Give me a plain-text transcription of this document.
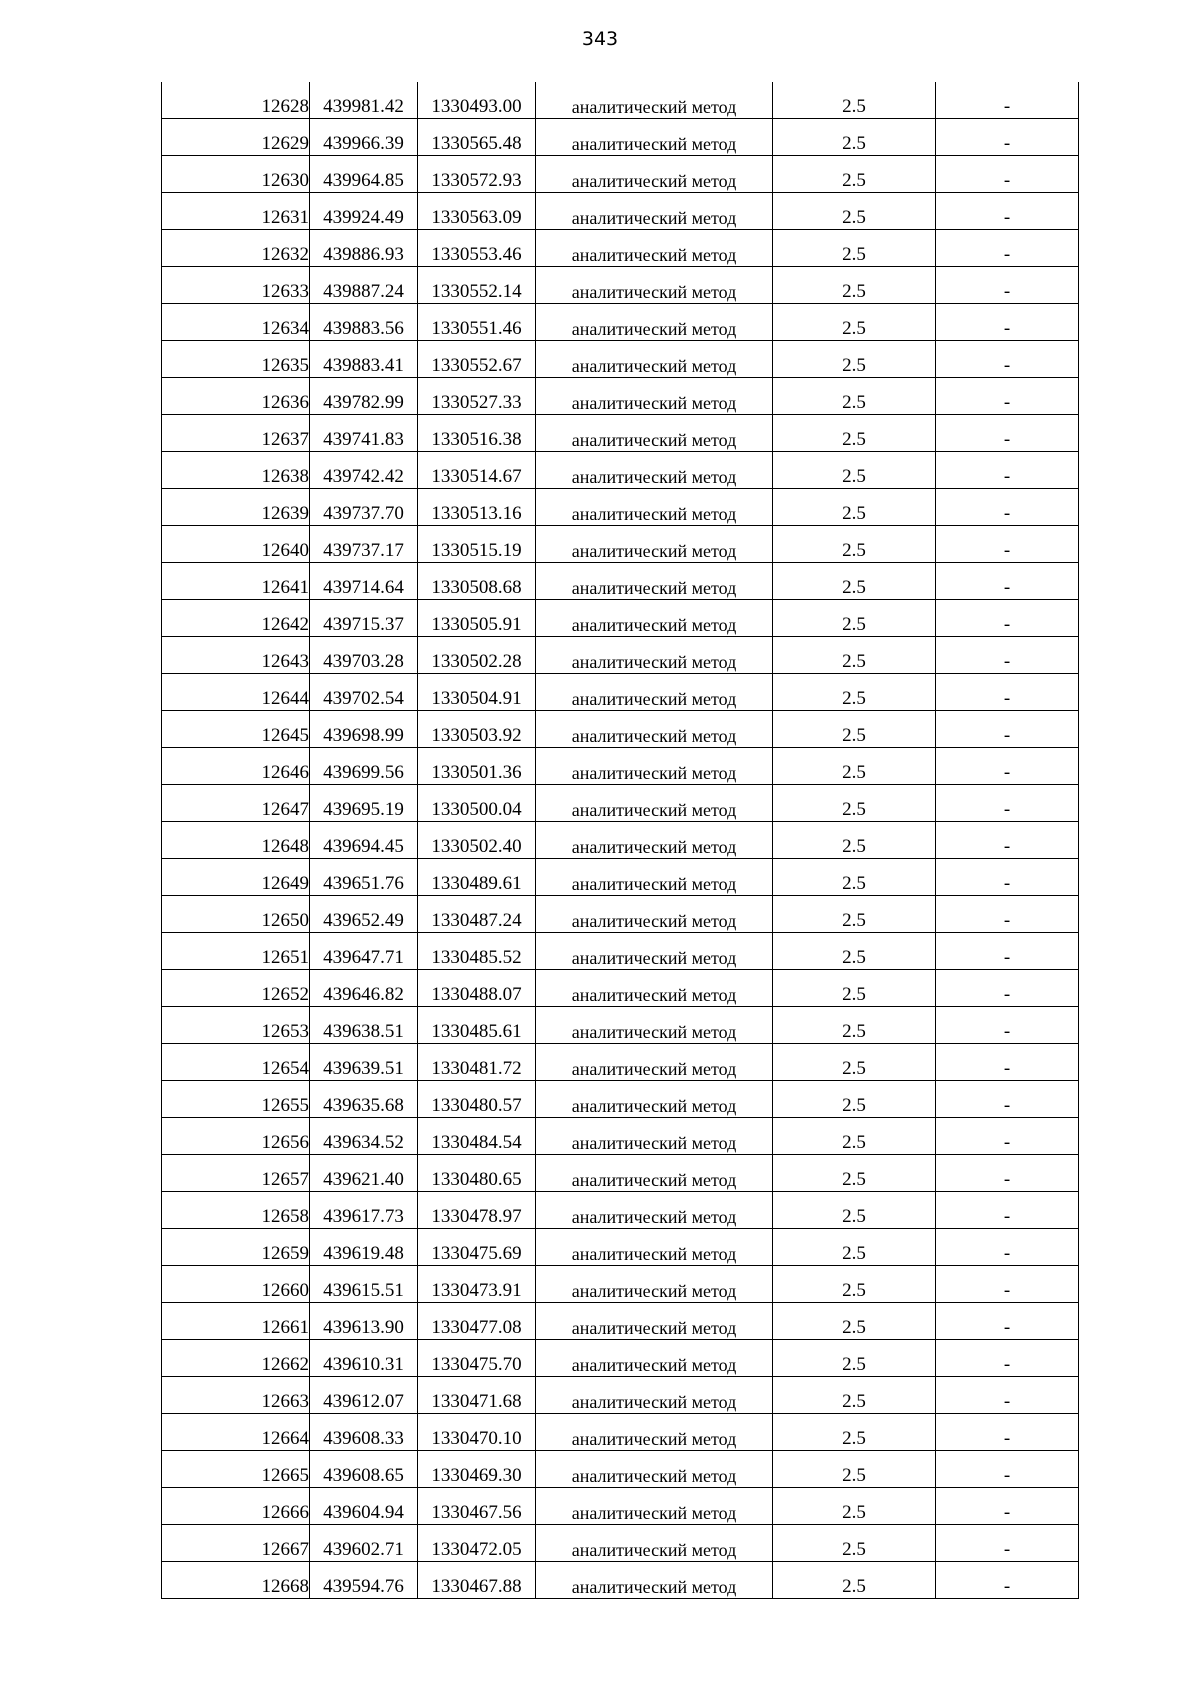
343
12628	439981.42	1330493.00	аналитический метод	2.5	-

12629	439966.39	1330565.48	аналитический метод	2.5	-

12630	439964.85	1330572.93	аналитический метод	2.5	-

12631	439924.49	1330563.09	аналитический метод	2.5	-

12632	439886.93	1330553.46	аналитический метод	2.5	-

12633	439887.24	1330552.14	аналитический метод	2.5	-

12634	439883.56	1330551.46	аналитический метод	2.5	-

12635	439883.41	1330552.67	аналитический метод	2.5	-

12636	439782.99	1330527.33	аналитический метод	2.5	-

12637	439741.83	1330516.38	аналитический метод	2.5	-

12638	439742.42	1330514.67	аналитический метод	2.5	-

12639	439737.70	1330513.16	аналитический метод	2.5	-

12640	439737.17	1330515.19	аналитический метод	2.5	-

12641	439714.64	1330508.68	аналитический метод	2.5	-

12642	439715.37	1330505.91	аналитический метод	2.5	-

12643	439703.28	1330502.28	аналитический метод	2.5	-

12644	439702.54	1330504.91	аналитический метод	2.5	-

12645	439698.99	1330503.92	аналитический метод	2.5	-

12646	439699.56	1330501.36	аналитический метод	2.5	-

12647	439695.19	1330500.04	аналитический метод	2.5	-

12648	439694.45	1330502.40	аналитический метод	2.5	-

12649	439651.76	1330489.61	аналитический метод	2.5	-

12650	439652.49	1330487.24	аналитический метод	2.5	-

12651	439647.71	1330485.52	аналитический метод	2.5	-

12652	439646.82	1330488.07	аналитический метод	2.5	-

12653	439638.51	1330485.61	аналитический метод	2.5	-

12654	439639.51	1330481.72	аналитический метод	2.5	-

12655	439635.68	1330480.57	аналитический метод	2.5	-

12656	439634.52	1330484.54	аналитический метод	2.5	-

12657	439621.40	1330480.65	аналитический метод	2.5	-

12658	439617.73	1330478.97	аналитический метод	2.5	-

12659	439619.48	1330475.69	аналитический метод	2.5	-

12660	439615.51	1330473.91	аналитический метод	2.5	-

12661	439613.90	1330477.08	аналитический метод	2.5	-

12662	439610.31	1330475.70	аналитический метод	2.5	-

12663	439612.07	1330471.68	аналитический метод	2.5	-

12664	439608.33	1330470.10	аналитический метод	2.5	-

12665	439608.65	1330469.30	аналитический метод	2.5	-

12666	439604.94	1330467.56	аналитический метод	2.5	-

12667	439602.71	1330472.05	аналитический метод	2.5	-

12668	439594.76	1330467.88	аналитический метод	2.5	-
